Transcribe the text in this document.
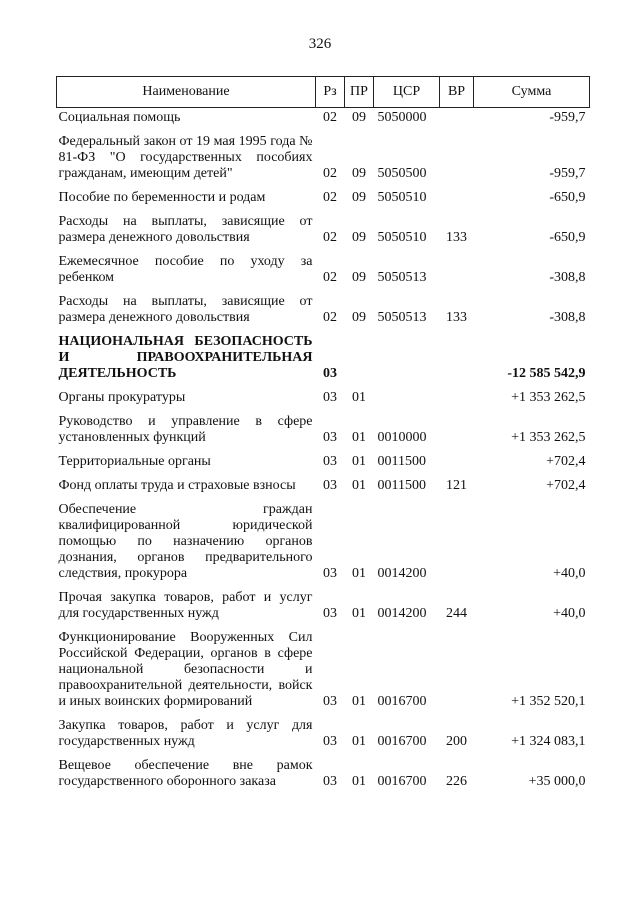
326
Наименование	Рз	ПР	ЦСР	ВР	Сумма
Социальная помощь	02	09	5050000		-959,7
Федеральный закон от 19 мая 1995 года № 81-ФЗ "О государственных пособиях гражданам, имеющим детей"	02	09	5050500		-959,7
Пособие по беременности и родам	02	09	5050510		-650,9
Расходы на выплаты, зависящие от размера денежного довольствия	02	09	5050510	133	-650,9
Ежемесячное пособие по уходу за ребенком	02	09	5050513		-308,8
Расходы на выплаты, зависящие от размера денежного довольствия	02	09	5050513	133	-308,8
НАЦИОНАЛЬНАЯ БЕЗОПАСНОСТЬ И ПРАВООХРАНИТЕЛЬНАЯ ДЕЯТЕЛЬНОСТЬ	03				-12 585 542,9
Органы прокуратуры	03	01			+1 353 262,5
Руководство и управление в сфере установленных функций	03	01	0010000		+1 353 262,5
Территориальные органы	03	01	0011500		+702,4
Фонд оплаты труда и страховые взносы	03	01	0011500	121	+702,4
Обеспечение граждан квалифицированной юридической помощью по назначению органов дознания, органов предварительного следствия, прокурора	03	01	0014200		+40,0
Прочая закупка товаров, работ и услуг для государственных нужд	03	01	0014200	244	+40,0
Функционирование Вооруженных Сил Российской Федерации, органов в сфере национальной безопасности и правоохранительной деятельности, войск и иных воинских формирований	03	01	0016700		+1 352 520,1
Закупка товаров, работ и услуг для государственных нужд	03	01	0016700	200	+1 324 083,1
Вещевое обеспечение вне рамок государственного оборонного заказа	03	01	0016700	226	+35 000,0
